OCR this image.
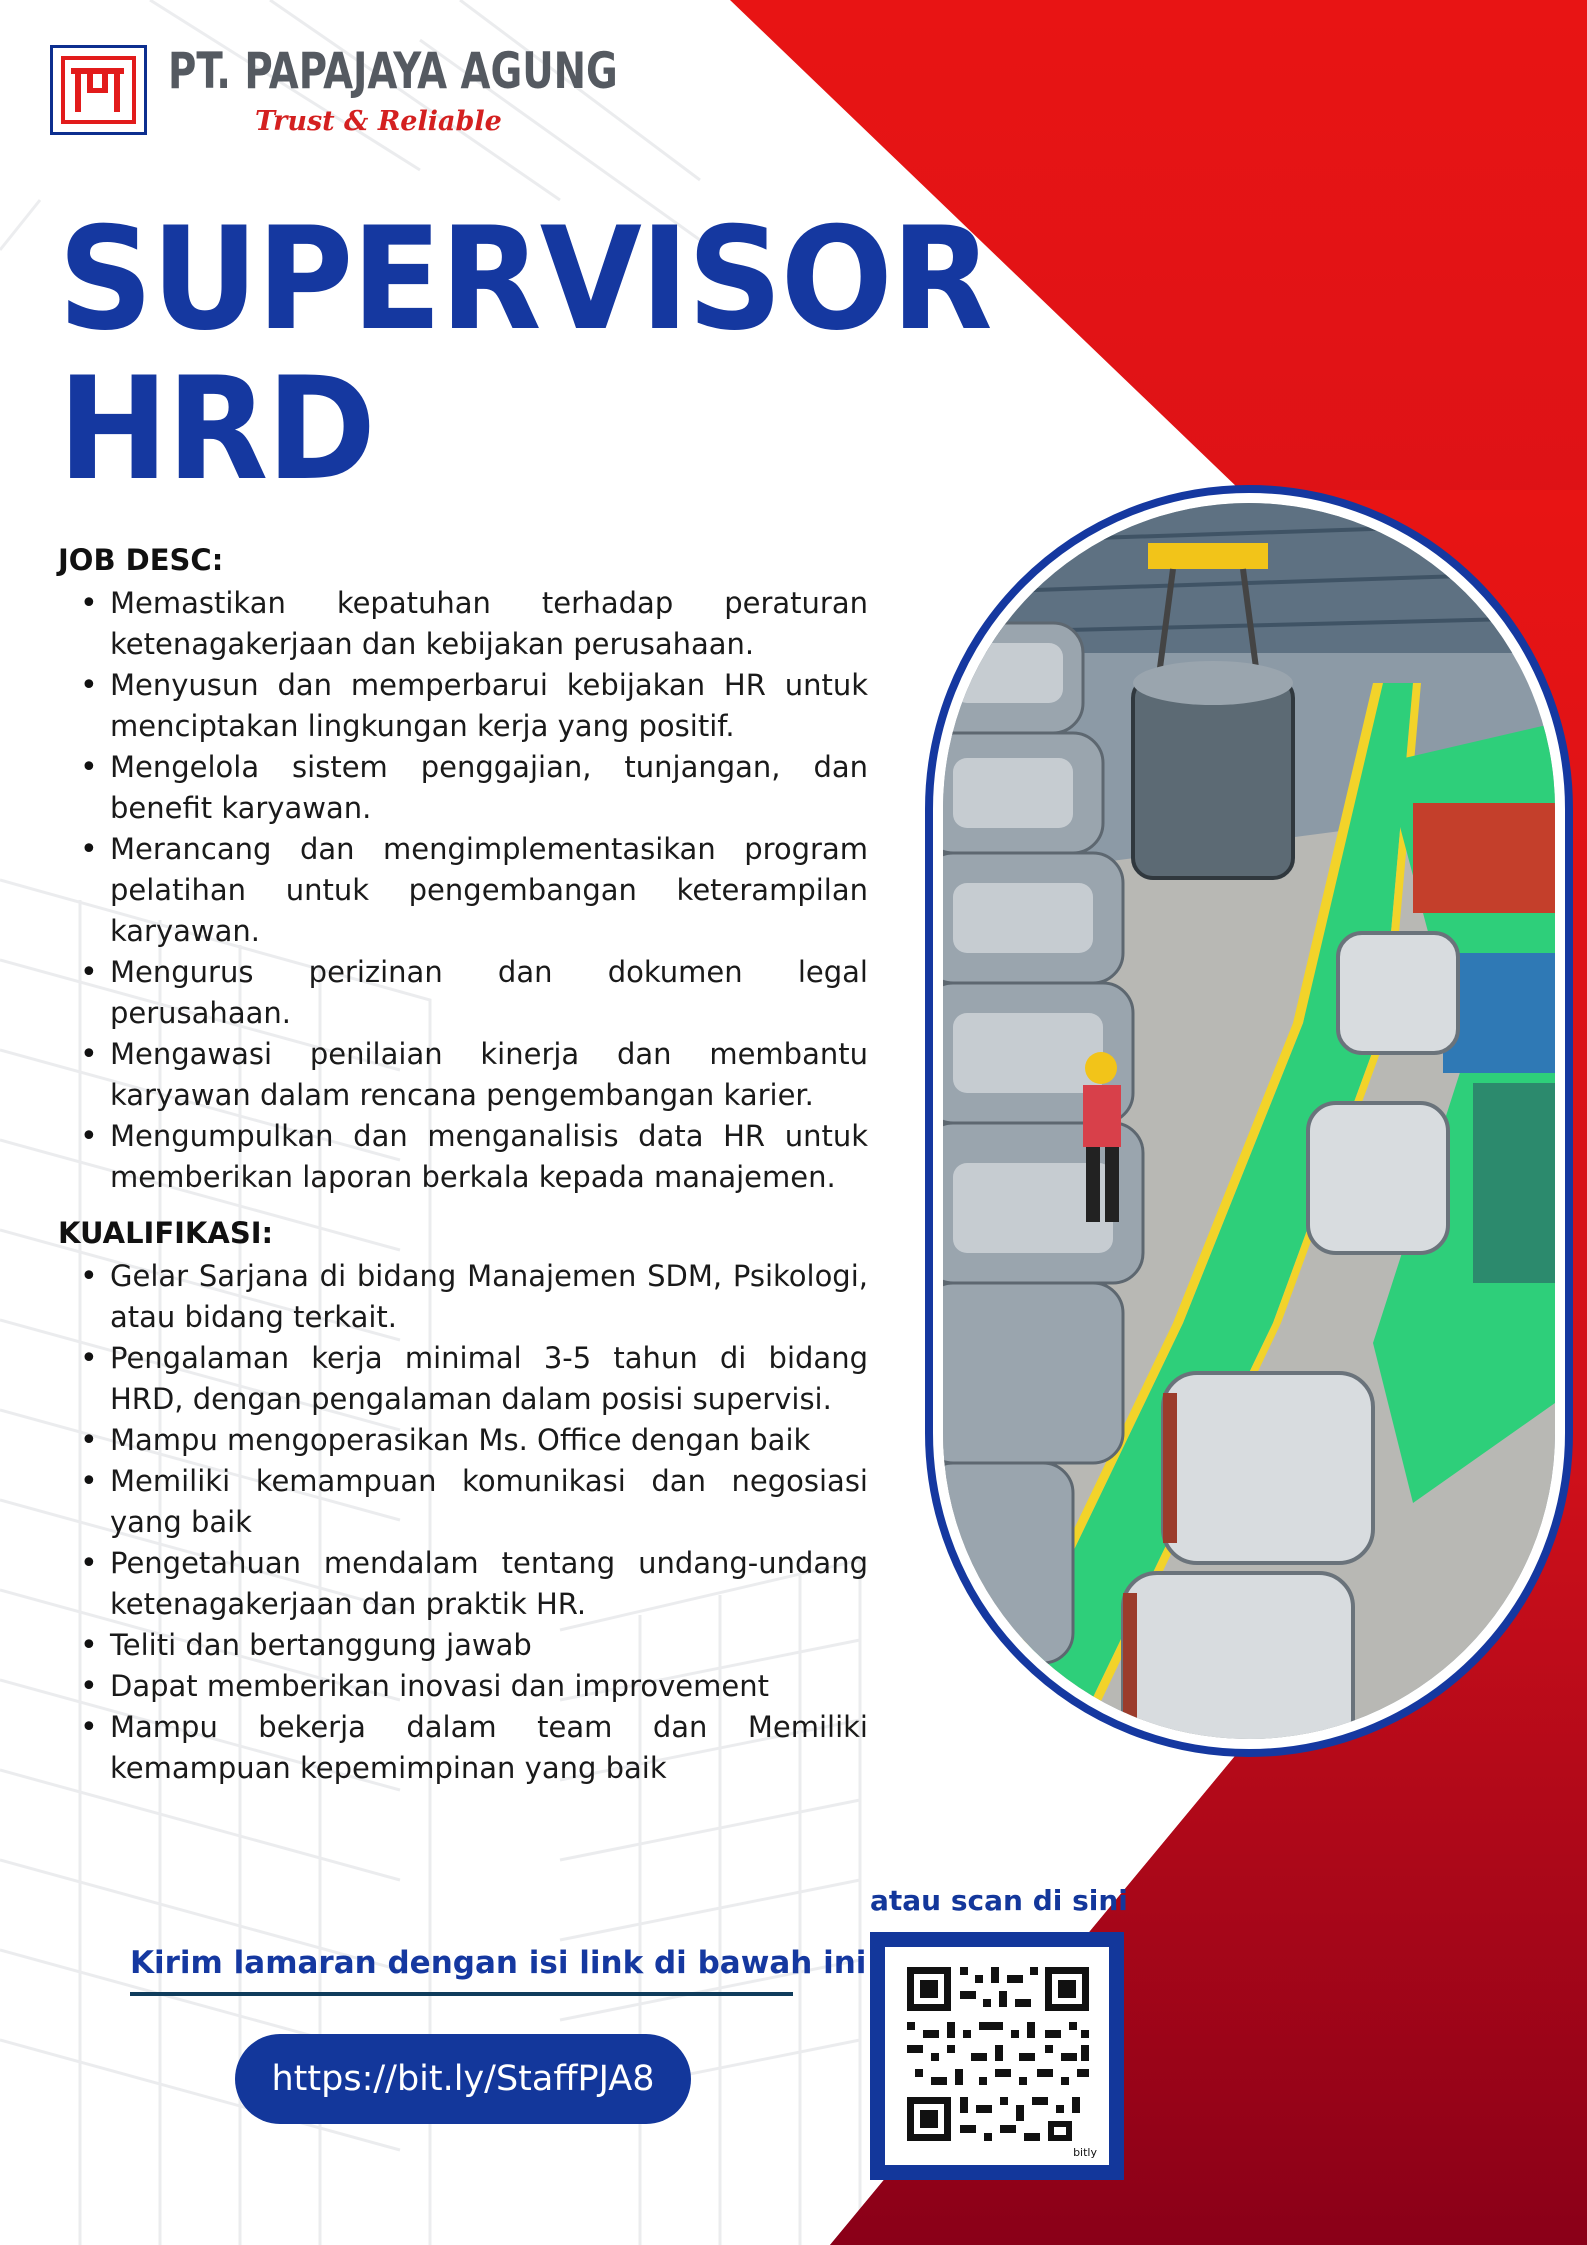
PT. PAPAJAYA AGUNG
Trust & Reliable
SUPERVISOR
HRD
JOB DESC:
• Memastikan kepatuhan terhadap peraturan ketenagakerjaan dan kebijakan perusahaan.
• Menyusun dan memperbarui kebijakan HR untuk menciptakan lingkungan kerja yang positif.
• Mengelola sistem penggajian, tunjangan, dan benefit karyawan.
• Merancang dan mengimplementasikan program pelatihan untuk pengembangan keterampilan karyawan.
• Mengurus perizinan dan dokumen legal perusahaan.
• Mengawasi penilaian kinerja dan membantu karyawan dalam rencana pengembangan karier.
• Mengumpulkan dan menganalisis data HR untuk memberikan laporan berkala kepada manajemen.
KUALIFIKASI:
• Gelar Sarjana di bidang Manajemen SDM, Psikologi, atau bidang terkait.
• Pengalaman kerja minimal 3-5 tahun di bidang HRD, dengan pengalaman dalam posisi supervisi.
• Mampu mengoperasikan Ms. Office dengan baik
• Memiliki kemampuan komunikasi dan negosiasi yang baik
• Pengetahuan mendalam tentang undang-undang ketenagakerjaan dan praktik HR.
• Teliti dan bertanggung jawab
• Dapat memberikan inovasi dan improvement
• Mampu bekerja dalam team dan Memiliki kemampuan kepemimpinan yang baik
Kirim lamaran dengan isi link di bawah ini
https://bit.ly/StaffPJA8
atau scan di sini
bitly
